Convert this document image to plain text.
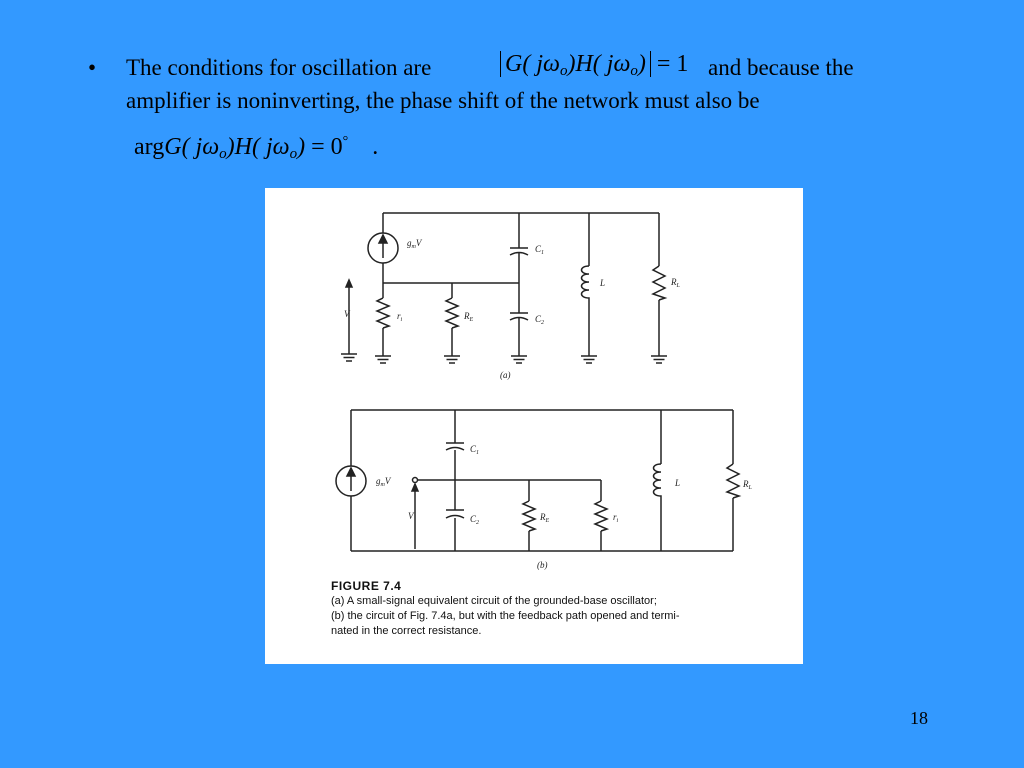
• The conditions for oscillation are	G( $j\omega_o)H$( $j\omega_o) = 1$ and because the
amplifier is noninverting, the phase shift of the network must also be
argG( $j\omega_o)H$( $j\omega_o) = 0^\circ$ .
$g_mV$
V	$r_i$	$R_E$
$C_1$
$C_2$
L	$R_L$
(a)
$g_mV$
V
$C_1$
$C_2$
$R_E$	$r_i$
L	$R_L$
(b)
FIGURE 7.4
(a) A small-signal equivalent circuit of the grounded-base oscillator;
(b) the circuit of Fig. 7.4a, but with the feedback path opened and termi-
nated in the correct resistance.
18
